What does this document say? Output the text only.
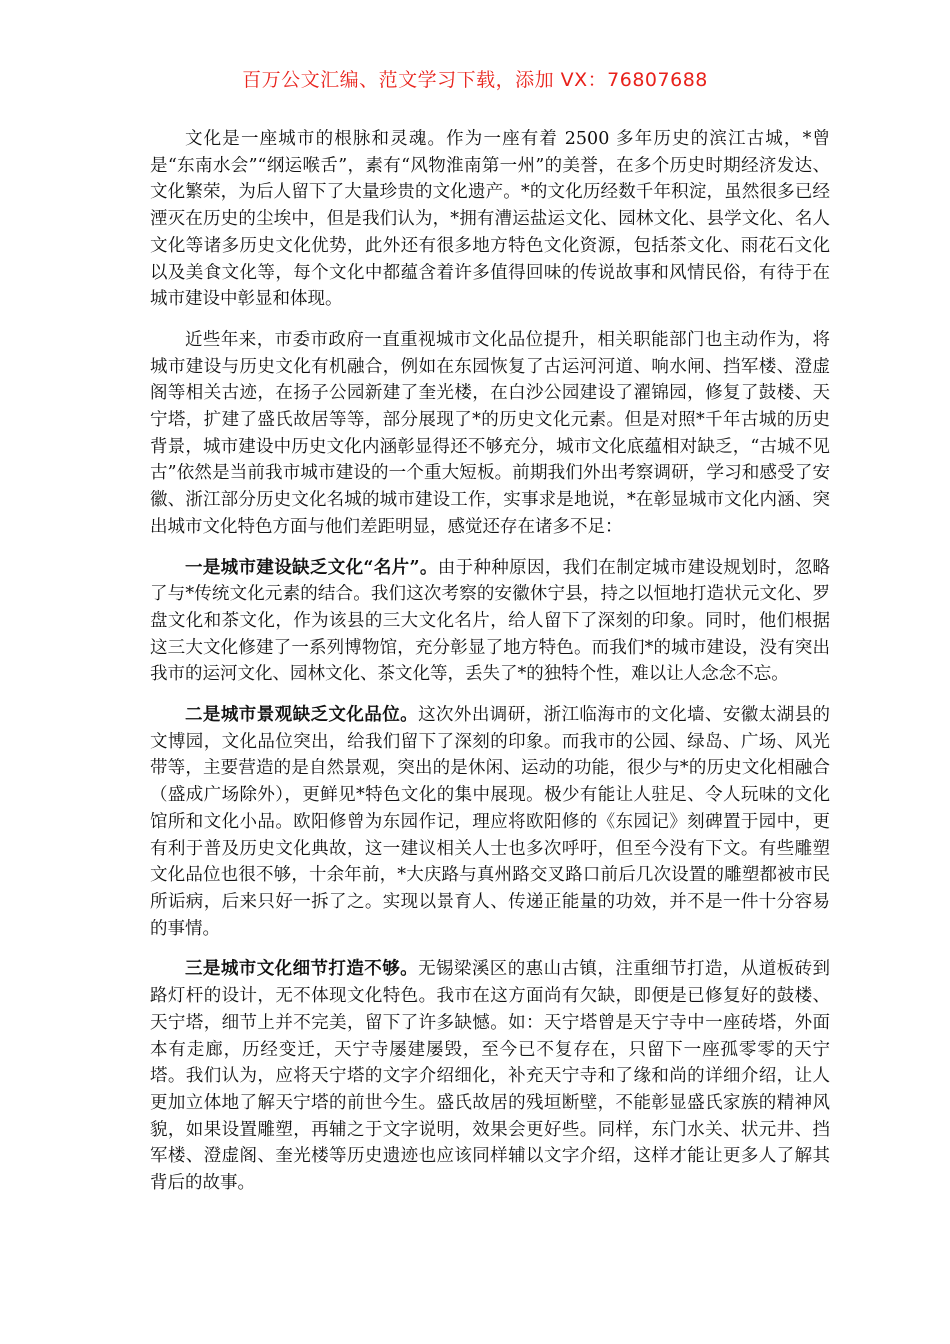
百万公文汇编、范文学习下载，添加 VX：76807688

文化是一座城市的根脉和灵魂。作为一座有着 2500 多年历史的滨江古城，*曾是“东南水会”“纲运喉舌”，素有“风物淮南第一州”的美誉，在多个历史时期经济发达、文化繁荣，为后人留下了大量珍贵的文化遗产。*的文化历经数千年积淀，虽然很多已经湮灭在历史的尘埃中，但是我们认为，*拥有漕运盐运文化、园林文化、县学文化、名人文化等诸多历史文化优势，此外还有很多地方特色文化资源，包括茶文化、雨花石文化以及美食文化等，每个文化中都蕴含着许多值得回味的传说故事和风情民俗，有待于在城市建设中彰显和体现。

近些年来，市委市政府一直重视城市文化品位提升，相关职能部门也主动作为，将城市建设与历史文化有机融合，例如在东园恢复了古运河河道、响水闸、挡军楼、澄虚阁等相关古迹，在扬子公园新建了奎光楼，在白沙公园建设了濯锦园，修复了鼓楼、天宁塔，扩建了盛氏故居等等，部分展现了*的历史文化元素。但是对照*千年古城的历史背景，城市建设中历史文化内涵彰显得还不够充分，城市文化底蕴相对缺乏，“古城不见古”依然是当前我市城市建设的一个重大短板。前期我们外出考察调研，学习和感受了安徽、浙江部分历史文化名城的城市建设工作，实事求是地说，*在彰显城市文化内涵、突出城市文化特色方面与他们差距明显，感觉还存在诸多不足：

一是城市建设缺乏文化“名片”。由于种种原因，我们在制定城市建设规划时，忽略了与*传统文化元素的结合。我们这次考察的安徽休宁县，持之以恒地打造状元文化、罗盘文化和茶文化，作为该县的三大文化名片，给人留下了深刻的印象。同时，他们根据这三大文化修建了一系列博物馆，充分彰显了地方特色。而我们*的城市建设，没有突出我市的运河文化、园林文化、茶文化等，丢失了*的独特个性，难以让人念念不忘。

二是城市景观缺乏文化品位。这次外出调研，浙江临海市的文化墙、安徽太湖县的文博园，文化品位突出，给我们留下了深刻的印象。而我市的公园、绿岛、广场、风光带等，主要营造的是自然景观，突出的是休闲、运动的功能，很少与*的历史文化相融合（盛成广场除外），更鲜见*特色文化的集中展现。极少有能让人驻足、令人玩味的文化馆所和文化小品。欧阳修曾为东园作记，理应将欧阳修的《东园记》刻碑置于园中，更有利于普及历史文化典故，这一建议相关人士也多次呼吁，但至今没有下文。有些雕塑文化品位也很不够，十余年前，*大庆路与真州路交叉路口前后几次设置的雕塑都被市民所诟病，后来只好一拆了之。实现以景育人、传递正能量的功效，并不是一件十分容易的事情。

三是城市文化细节打造不够。无锡梁溪区的惠山古镇，注重细节打造，从道板砖到路灯杆的设计，无不体现文化特色。我市在这方面尚有欠缺，即便是已修复好的鼓楼、天宁塔，细节上并不完美，留下了许多缺憾。如：天宁塔曾是天宁寺中一座砖塔，外面本有走廊，历经变迁，天宁寺屡建屡毁，至今已不复存在，只留下一座孤零零的天宁塔。我们认为，应将天宁塔的文字介绍细化，补充天宁寺和了缘和尚的详细介绍，让人更加立体地了解天宁塔的前世今生。盛氏故居的残垣断壁，不能彰显盛氏家族的精神风貌，如果设置雕塑，再辅之于文字说明，效果会更好些。同样，东门水关、状元井、挡军楼、澄虚阁、奎光楼等历史遗迹也应该同样辅以文字介绍，这样才能让更多人了解其背后的故事。
